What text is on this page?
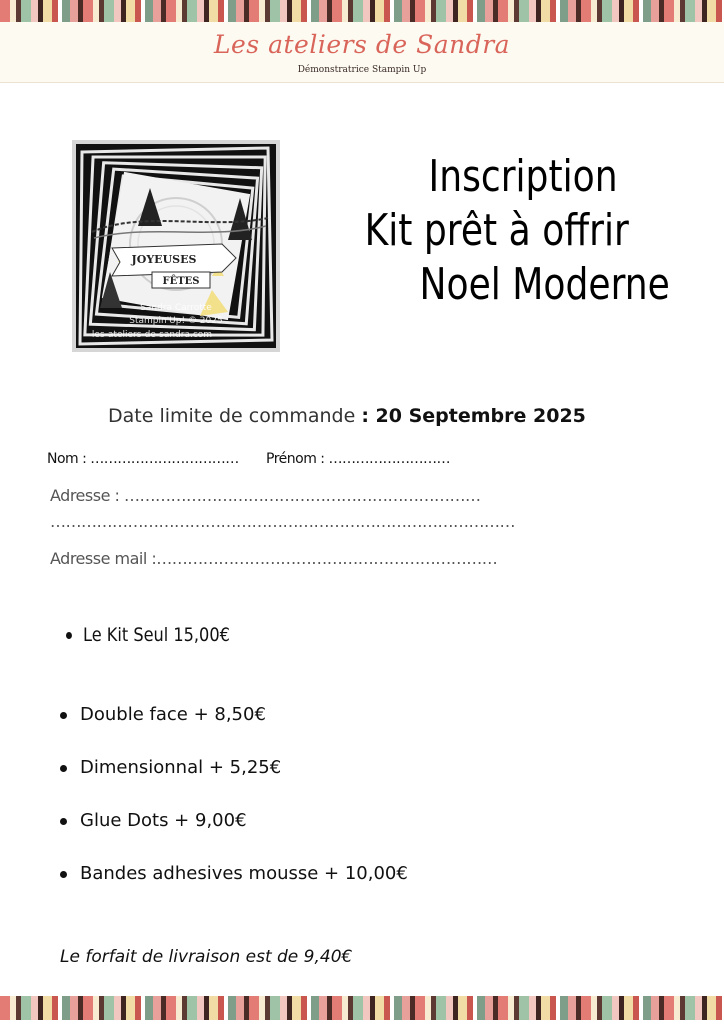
Les ateliers de Sandra
Démonstratrice Stampin Up
JOYEUSES
FÊTES
Sandra Carrotte
Stampin'Up! © 2025
les-ateliers-de-sandra.com
Inscription
Kit prêt à offrir
Noel Moderne
Date limite de commande : 20 Septembre 2025
Nom : …………………………… Prénom : ………………………
Adresse : ……………………………………………………………
………………………………………………………………………………
Adresse mail :…………………………………………………………
Le Kit Seul 15,00€
Double face + 8,50€
Dimensionnal + 5,25€
Glue Dots + 9,00€
Bandes adhesives mousse + 10,00€
Le forfait de livraison est de 9,40€
